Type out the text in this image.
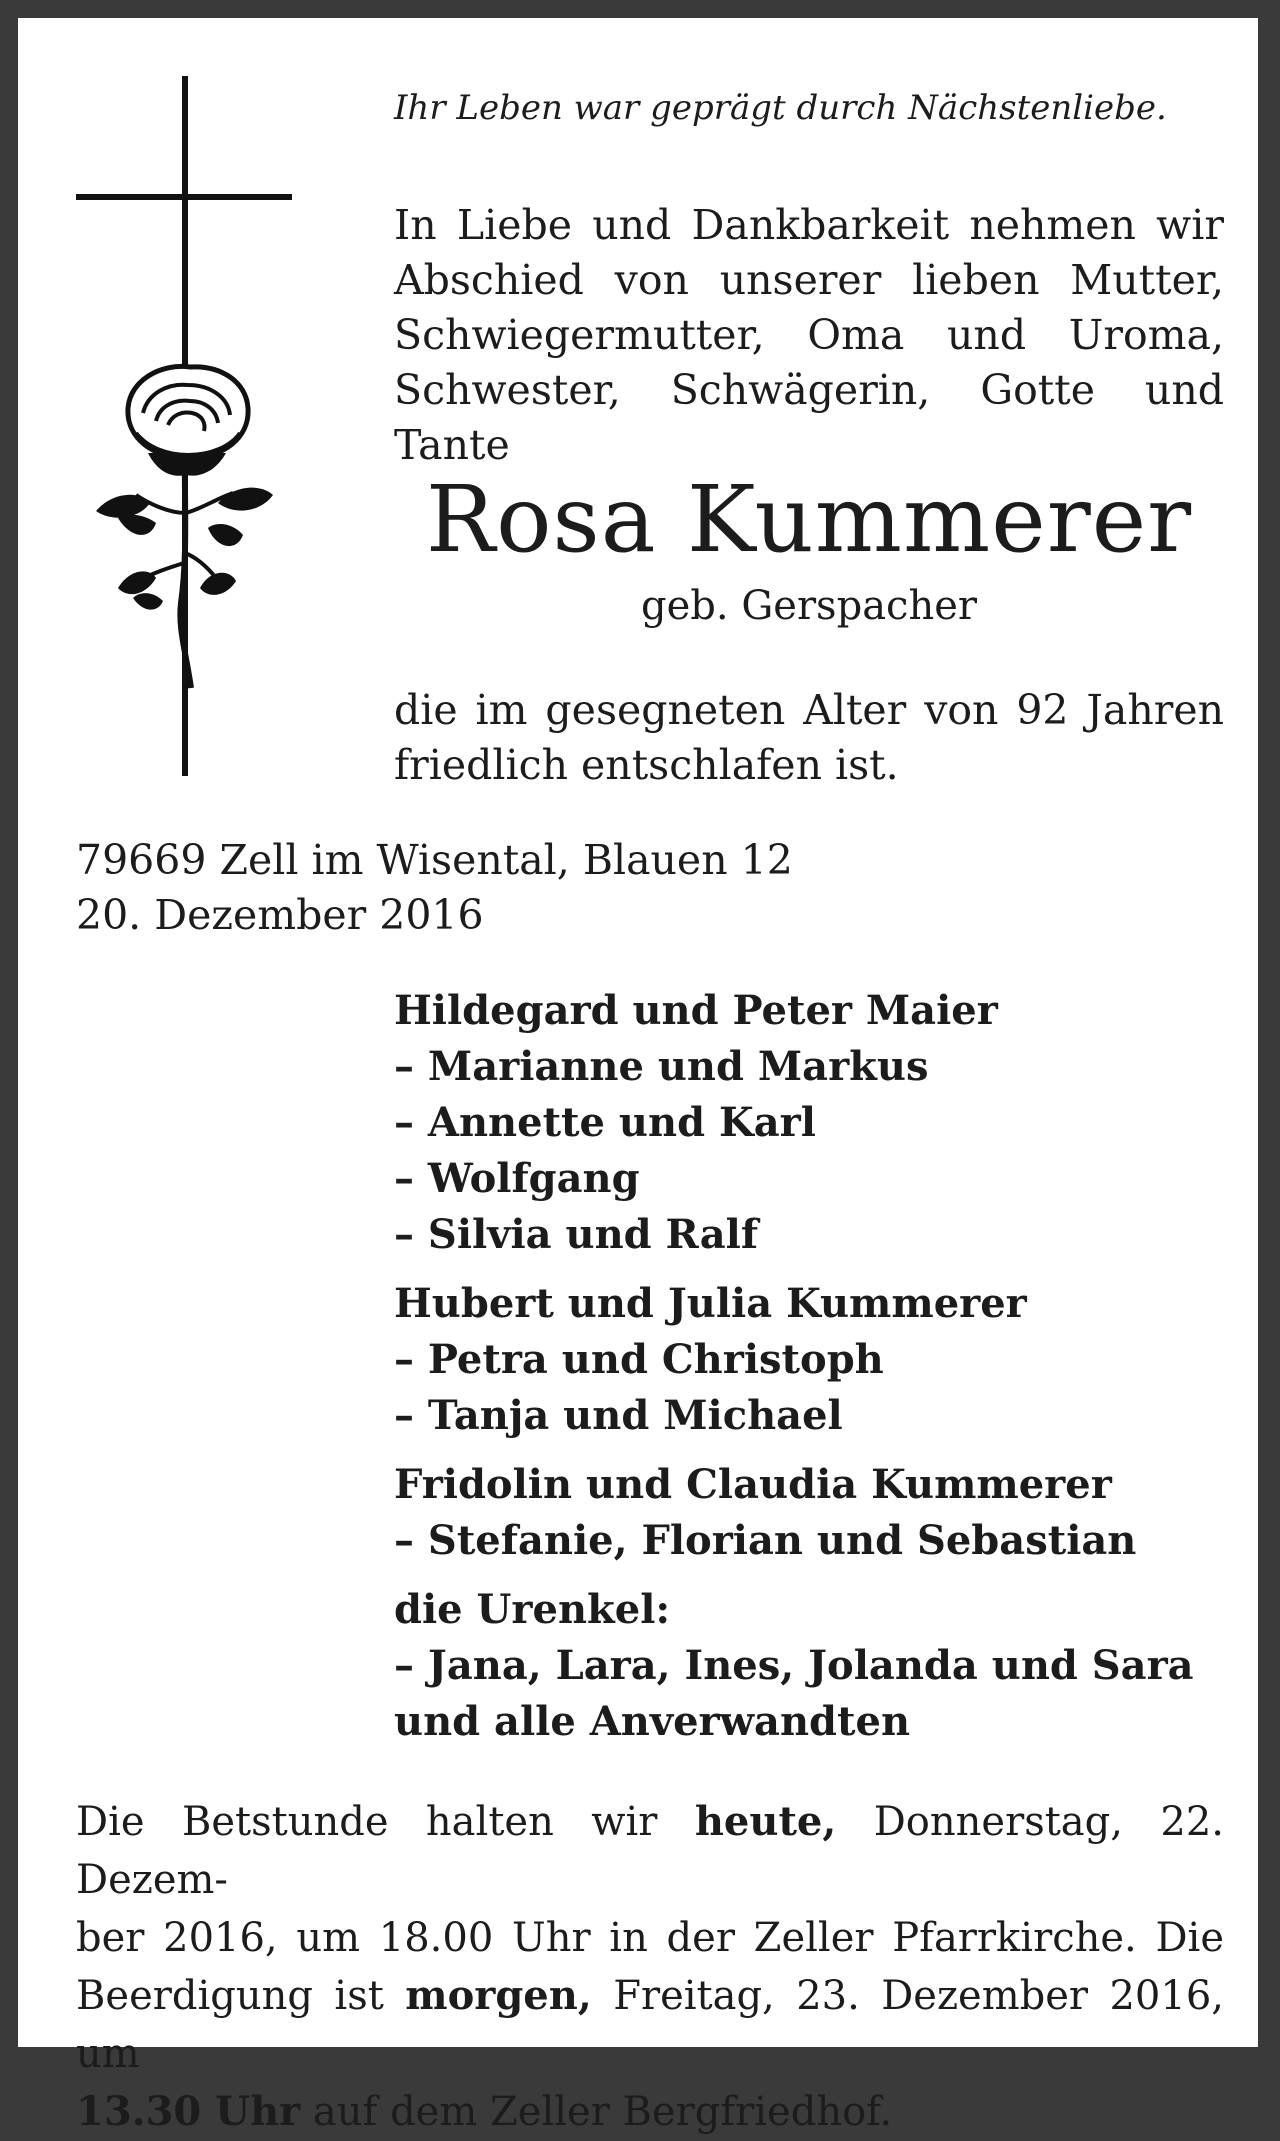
Ihr Leben war geprägt durch Nächstenliebe.
In Liebe und Dankbarkeit nehmen wir
Abschied von unserer lieben Mutter,
Schwiegermutter, Oma und Uroma,
Schwester, Schwägerin, Gotte und Tante
Rosa Kummerer
geb. Gerspacher
die im gesegneten Alter von 92 Jahren
friedlich entschlafen ist.
79669 Zell im Wisental, Blauen 12
20. Dezember 2016
Hildegard und Peter Maier
– Marianne und Markus
– Annette und Karl
– Wolfgang
– Silvia und Ralf
Hubert und Julia Kummerer
– Petra und Christoph
– Tanja und Michael
Fridolin und Claudia Kummerer
– Stefanie, Florian und Sebastian
die Urenkel:
– Jana, Lara, Ines, Jolanda und Sara
und alle Anverwandten
Die Betstunde halten wir heute, Donnerstag, 22. Dezem-
ber 2016, um 18.00 Uhr in der Zeller Pfarrkirche. Die
Beerdigung ist morgen, Freitag, 23. Dezember 2016, um
13.30 Uhr auf dem Zeller Bergfriedhof.
